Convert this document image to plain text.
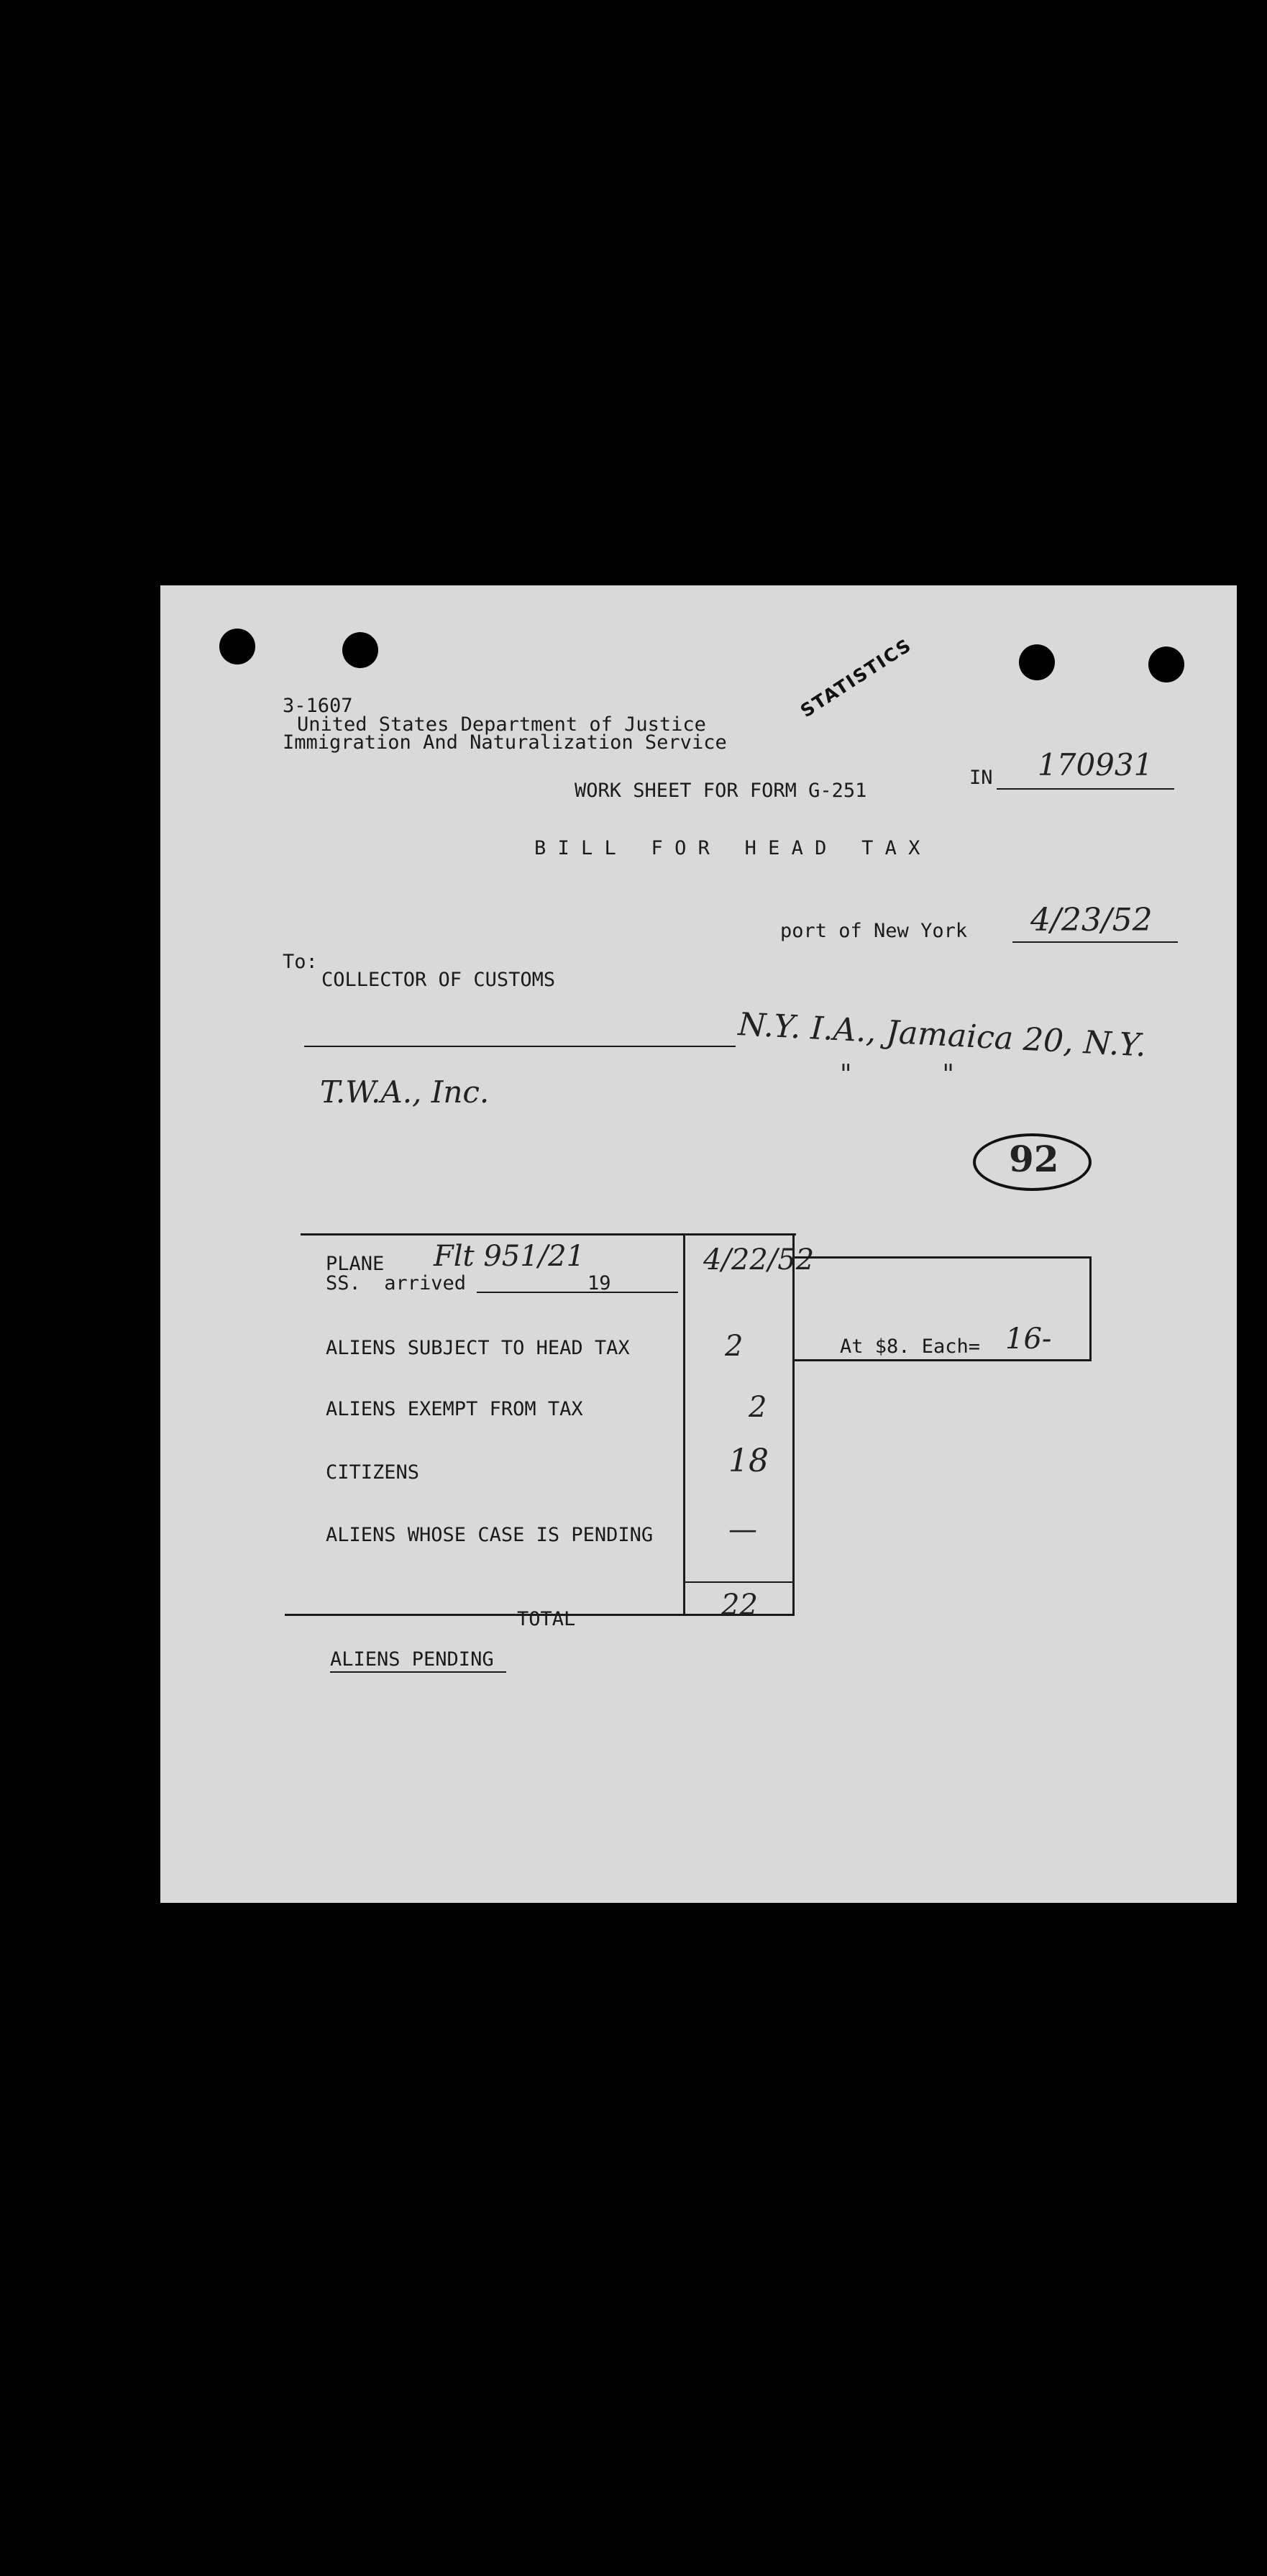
3-1607
United States Department of Justice
Immigration And Naturalization Service
STATISTICS
IN 170931
WORK SHEET FOR FORM G-251
B I L L   F O R   H E A D   T A X
port of New York 4/23/52
To:
COLLECTOR OF CUSTOMS
N.Y. I.A., Jamaica 20, N.Y.
T.W.A., Inc.	"           "
92
PLANE Flt 951/21
SS.  arrived	19
4/22/52
ALIENS SUBJECT TO HEAD TAX	2
ALIENS EXEMPT FROM TAX	2
CITIZENS	18
ALIENS WHOSE CASE IS PENDING	—
TOTAL	22
At $8. Each= 16-
ALIENS PENDING
